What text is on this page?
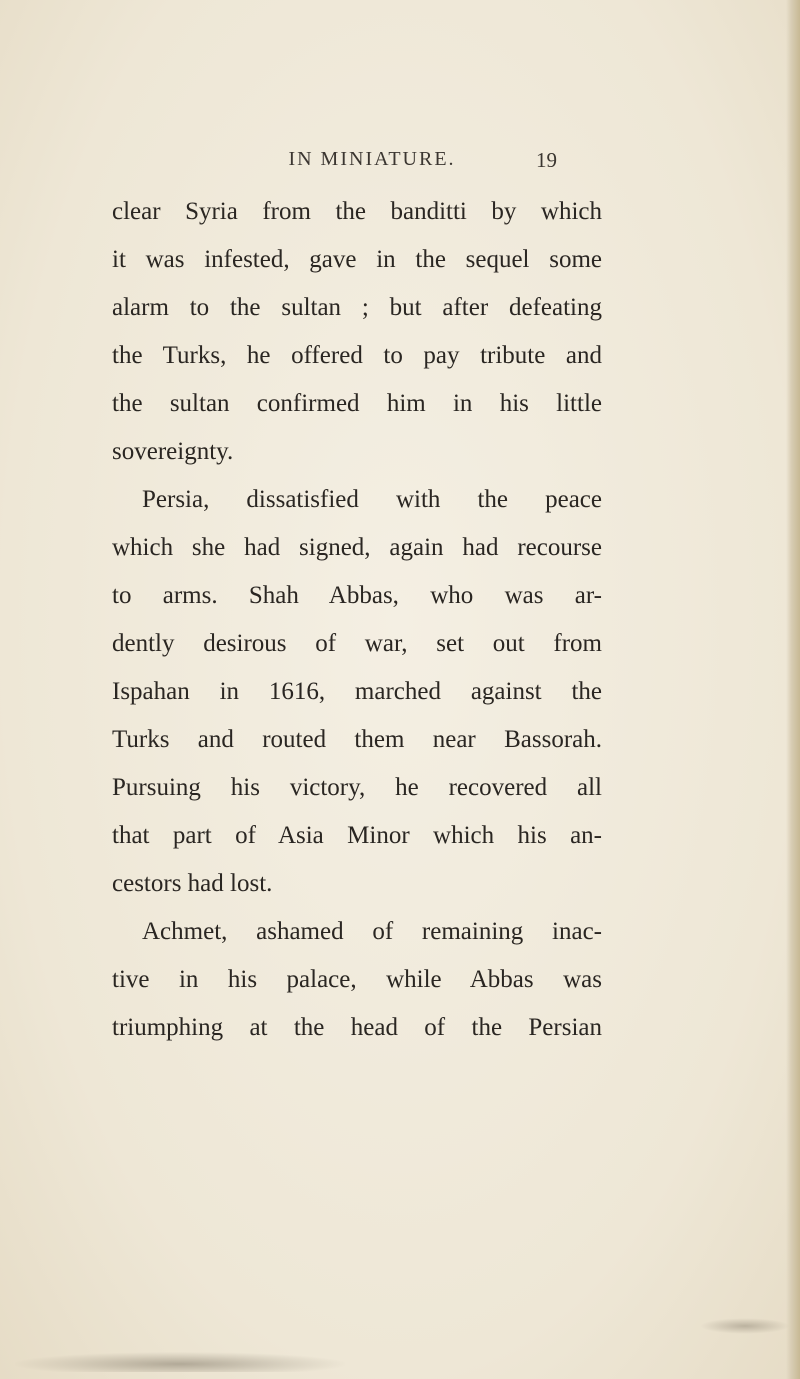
IN MINIATURE.	19
clear Syria from the banditti by which
it was infested, gave in the sequel some
alarm to the sultan ; but after defeating
the Turks, he offered to pay tribute and
the sultan confirmed him in his little
sovereignty.
Persia, dissatisfied with the peace
which she had signed, again had recourse
to arms. Shah Abbas, who was ar-
dently desirous of war, set out from
Ispahan in 1616, marched against the
Turks and routed them near Bassorah.
Pursuing his victory, he recovered all
that part of Asia Minor which his an-
cestors had lost.
Achmet, ashamed of remaining inac-
tive in his palace, while Abbas was
triumphing at the head of the Persian
